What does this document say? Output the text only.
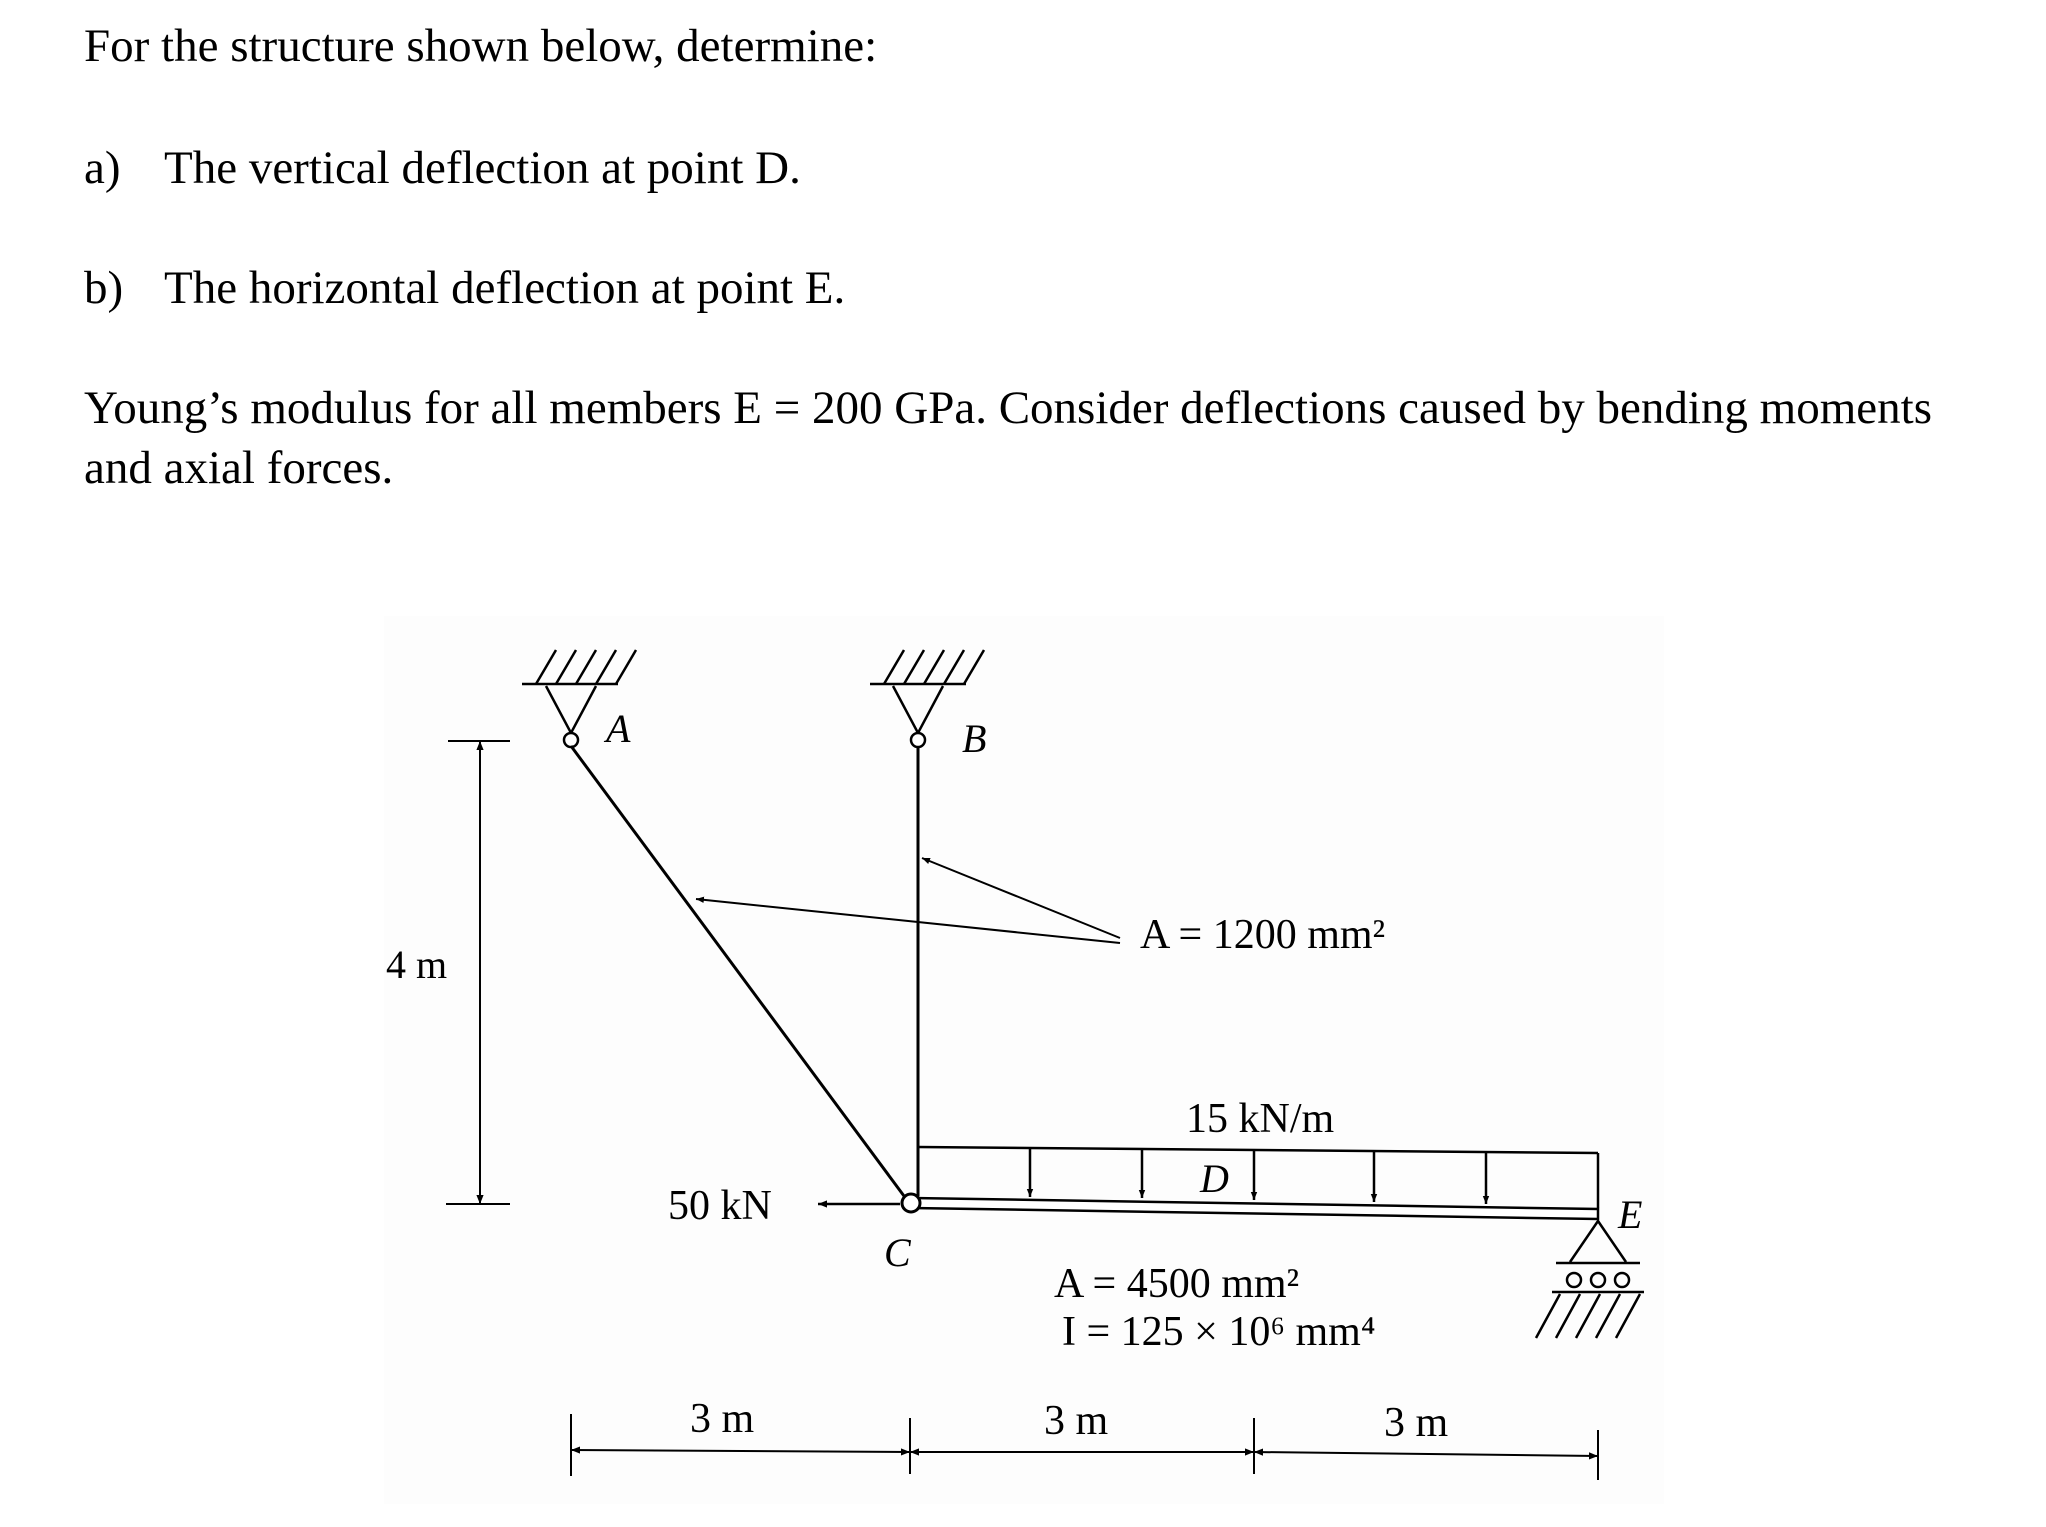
For the structure shown below, determine:

a) The vertical deflection at point D.

b) The horizontal deflection at point E.

Young’s modulus for all members E = 200 GPa. Consider deflections caused by bending moments and axial forces.

A	B
C
D
E
4 m
50 kN
15 kN/m
A = 1200 mm²
A = 4500 mm²
I = 125 × 10⁶ mm⁴
3 m	3 m	3 m
